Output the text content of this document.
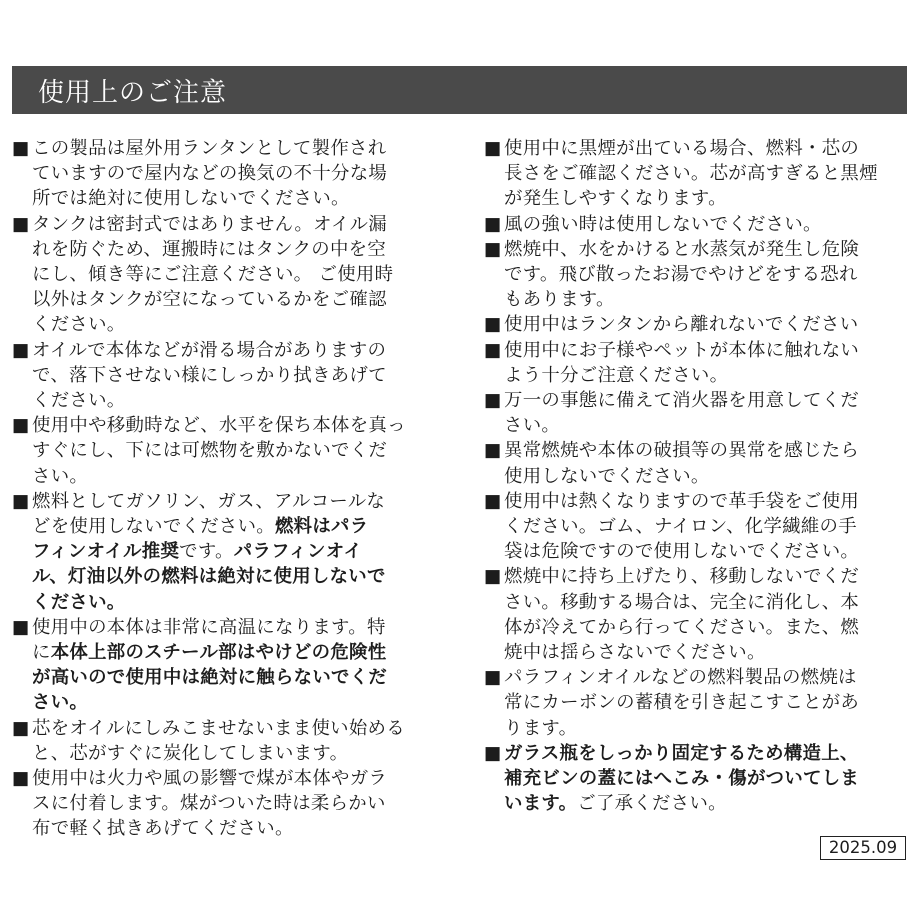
使用上のご注意
■ この製品は屋外用ランタンとして製作され
ていますので屋内などの換気の不十分な場
所では絶対に使用しないでください。
■ タンクは密封式ではありません。オイル漏
れを防ぐため、運搬時にはタンクの中を空
にし、傾き等にご注意ください。 ご使用時
以外はタンクが空になっているかをご確認
ください。
■ オイルで本体などが滑る場合がありますの
で、落下させない様にしっかり拭きあげて
ください。
■ 使用中や移動時など、水平を保ち本体を真っ
すぐにし、下には可燃物を敷かないでくだ
さい。
■ 燃料としてガソリン、ガス、アルコールな
どを使用しないでください。燃料はパラ
フィンオイル推奨です。パラフィンオイ
ル、灯油以外の燃料は絶対に使用しないで
ください。
■ 使用中の本体は非常に高温になります。特
に本体上部のスチール部はやけどの危険性
が高いので使用中は絶対に触らないでくだ
さい。
■ 芯をオイルにしみこませないまま使い始める
と、芯がすぐに炭化してしまいます。
■ 使用中は火力や風の影響で煤が本体やガラ
スに付着します。煤がついた時は柔らかい
布で軽く拭きあげてください。
■ 使用中に黒煙が出ている場合、燃料・芯の
長さをご確認ください。芯が高すぎると黒煙
が発生しやすくなります。
■ 風の強い時は使用しないでください。
■ 燃焼中、水をかけると水蒸気が発生し危険
です。飛び散ったお湯でやけどをする恐れ
もあります。
■ 使用中はランタンから離れないでください
■ 使用中にお子様やペットが本体に触れない
よう十分ご注意ください。
■ 万一の事態に備えて消火器を用意してくだ
さい。
■ 異常燃焼や本体の破損等の異常を感じたら
使用しないでください。
■ 使用中は熱くなりますので革手袋をご使用
ください。ゴム、ナイロン、化学繊維の手
袋は危険ですので使用しないでください。
■ 燃焼中に持ち上げたり、移動しないでくだ
さい。移動する場合は、完全に消化し、本
体が冷えてから行ってください。また、燃
焼中は揺らさないでください。
■ パラフィンオイルなどの燃料製品の燃焼は
常にカーボンの蓄積を引き起こすことがあ
ります。
■ ガラス瓶をしっかり固定するため構造上、
補充ビンの蓋にはへこみ・傷がついてしま
います。ご了承ください。
2025.09
